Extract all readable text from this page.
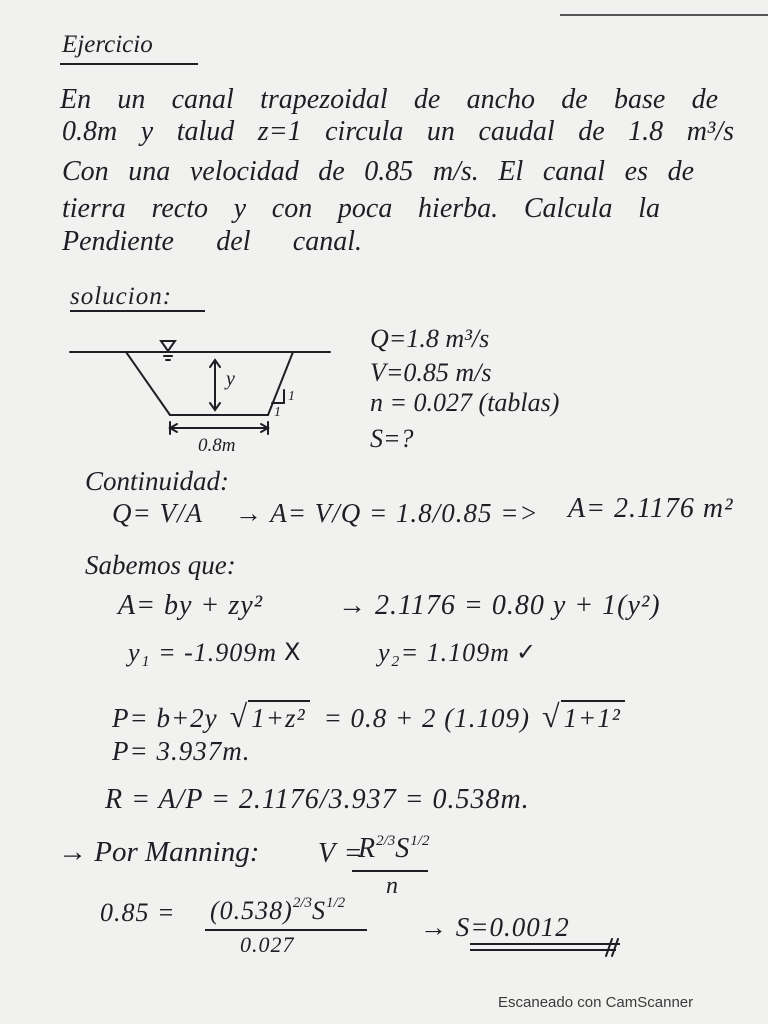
Ejercicio
En un canal trapezoidal de ancho de base de
0.8m y talud z=1 circula un caudal de 1.8 m³/s
Con una velocidad de 0.85 m/s. El canal es de
tierra recto y con poca hierba. Calcula la
Pendiente del canal.
solucion:
y
1
1
0.8m
Q=1.8 m³/s
V=0.85 m/s
n = 0.027 (tablas)
S=?
Continuidad:
Q= V/A → A= V/Q = 1.8/0.85 => A= 2.1176 m²
Sabemos que:
A= by + zy²	→ 2.1176 = 0.80 y + 1(y²)
y₁ = -1.909m X	y₂= 1.109m ✓
P= b+2y √ 1+z² = 0.8 + 2 (1.109) √ 1+1²
P= 3.937m.
R = A/P = 2.1176/3.937 = 0.538m.
→ Por Manning: V =
$R^{2/3}S^{1/2}$
n
$0.85 = (0.538)^{2/3}S^{1/2}$
0.027
→ S=0.0012
Escaneado con CamScanner
